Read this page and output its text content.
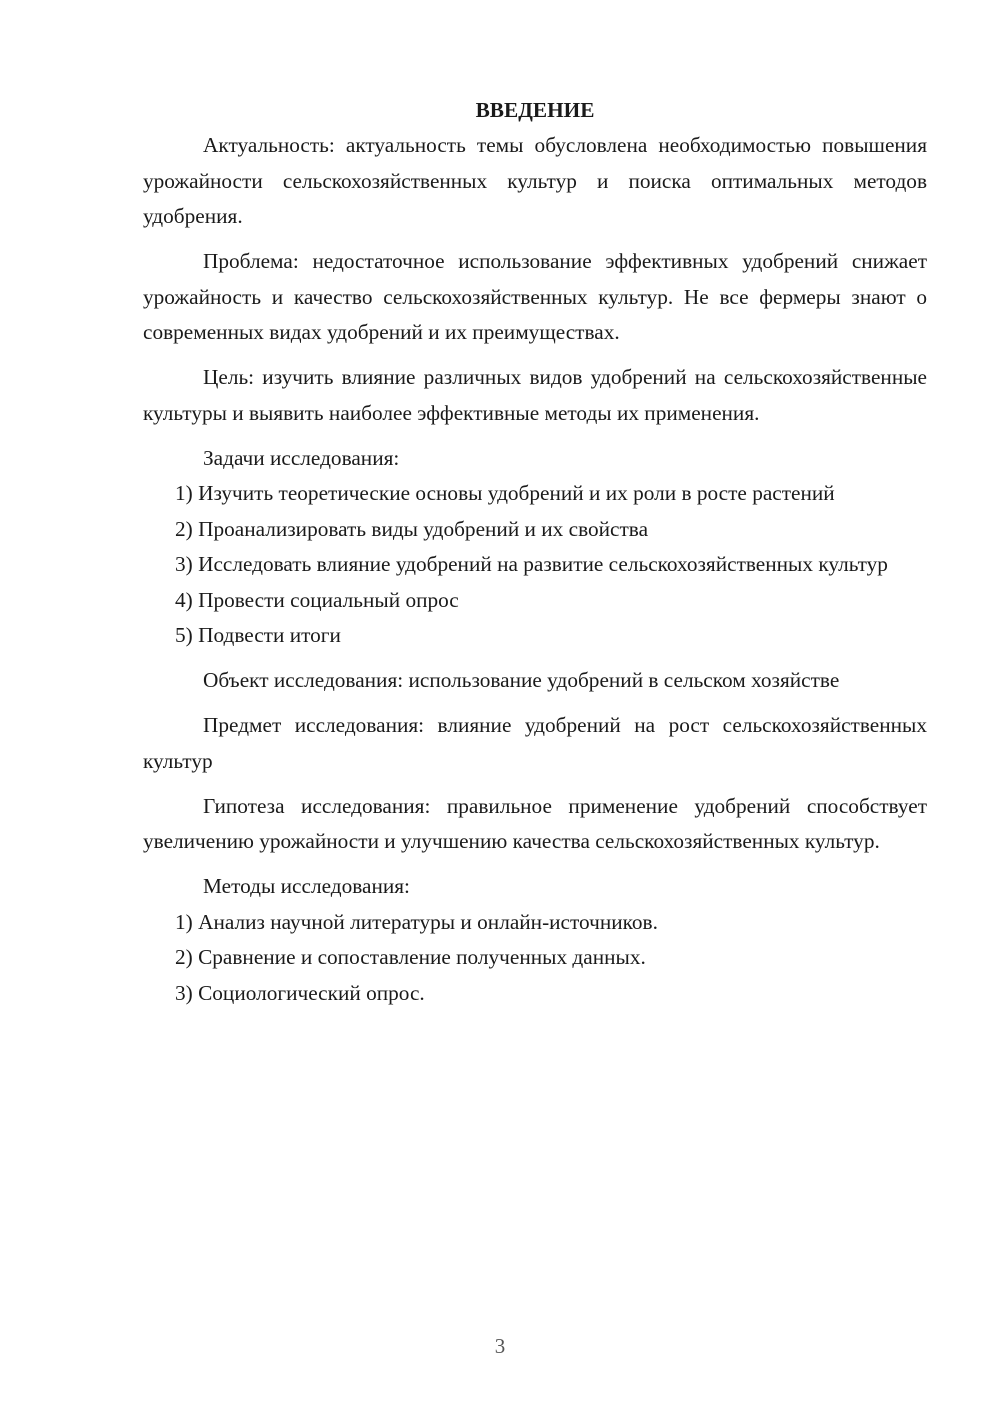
ВВЕДЕНИЕ

Актуальность: актуальность темы обусловлена необходимостью повышения урожайности сельскохозяйственных культур и поиска оптимальных методов удобрения.

Проблема: недостаточное использование эффективных удобрений снижает урожайность и качество сельскохозяйственных культур. Не все фермеры знают о современных видах удобрений и их преимуществах.

Цель: изучить влияние различных видов удобрений на сельскохозяйственные культуры и выявить наиболее эффективные методы их применения.

Задачи исследования:

1) Изучить теоретические основы удобрений и их роли в росте растений

2) Проанализировать виды удобрений и их свойства

3) Исследовать влияние удобрений на развитие сельскохозяйственных культур

4) Провести социальный опрос

5) Подвести итоги

Объект исследования: использование удобрений в сельском хозяйстве

Предмет исследования: влияние удобрений на рост сельскохозяйственных культур

Гипотеза исследования: правильное применение удобрений способствует увеличению урожайности и улучшению качества сельскохозяйственных культур.

Методы исследования:

1) Анализ научной литературы и онлайн-источников.

2) Сравнение и сопоставление полученных данных.

3) Социологический опрос.

3
